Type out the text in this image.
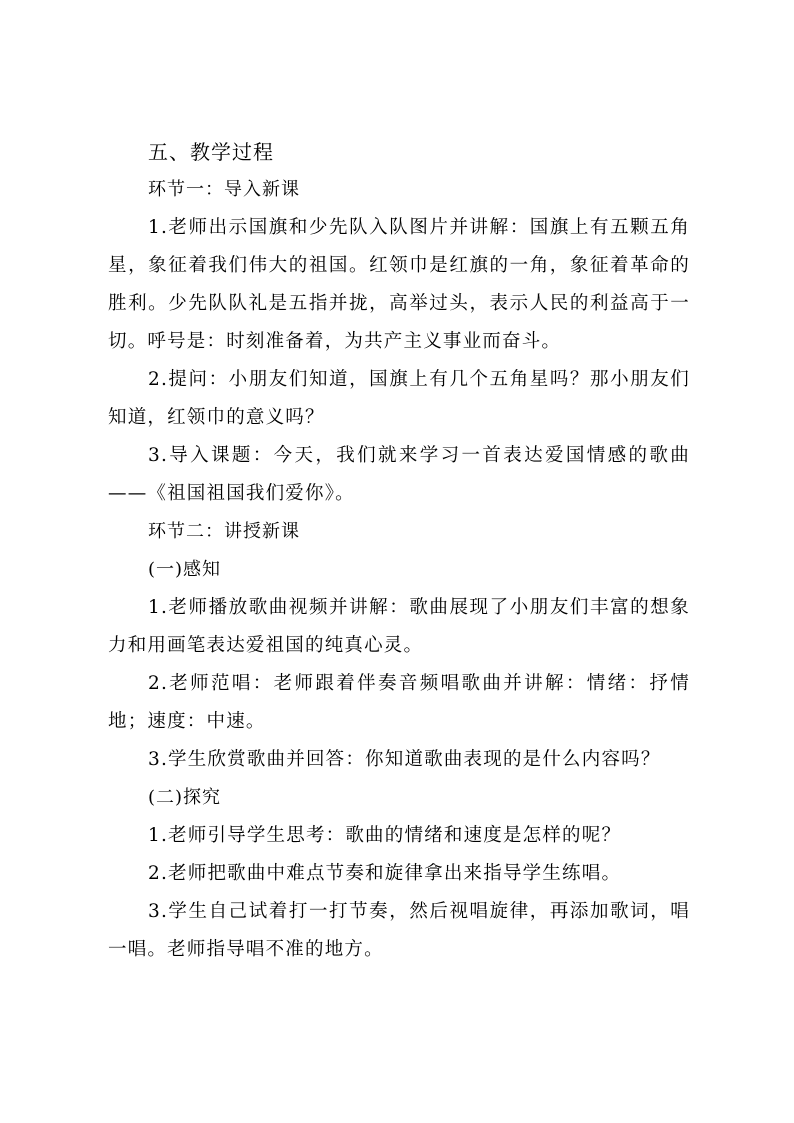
五、教学过程
环节一：导入新课

1.老师出示国旗和少先队入队图片并讲解：国旗上有五颗五角星，象征着我们伟大的祖国。红领巾是红旗的一角，象征着革命的胜利。少先队队礼是五指并拢，高举过头，表示人民的利益高于一切。呼号是：时刻准备着，为共产主义事业而奋斗。

2.提问：小朋友们知道，国旗上有几个五角星吗？那小朋友们知道，红领巾的意义吗？

3.导入课题：今天，我们就来学习一首表达爱国情感的歌曲——《祖国祖国我们爱你》。

环节二：讲授新课
(一)感知

1.老师播放歌曲视频并讲解：歌曲展现了小朋友们丰富的想象力和用画笔表达爱祖国的纯真心灵。

2.老师范唱：老师跟着伴奏音频唱歌曲并讲解：情绪：抒情地；速度：中速。

3.学生欣赏歌曲并回答：你知道歌曲表现的是什么内容吗？

(二)探究

1.老师引导学生思考：歌曲的情绪和速度是怎样的呢？

2.老师把歌曲中难点节奏和旋律拿出来指导学生练唱。

3.学生自己试着打一打节奏，然后视唱旋律，再添加歌词，唱一唱。老师指导唱不准的地方。
